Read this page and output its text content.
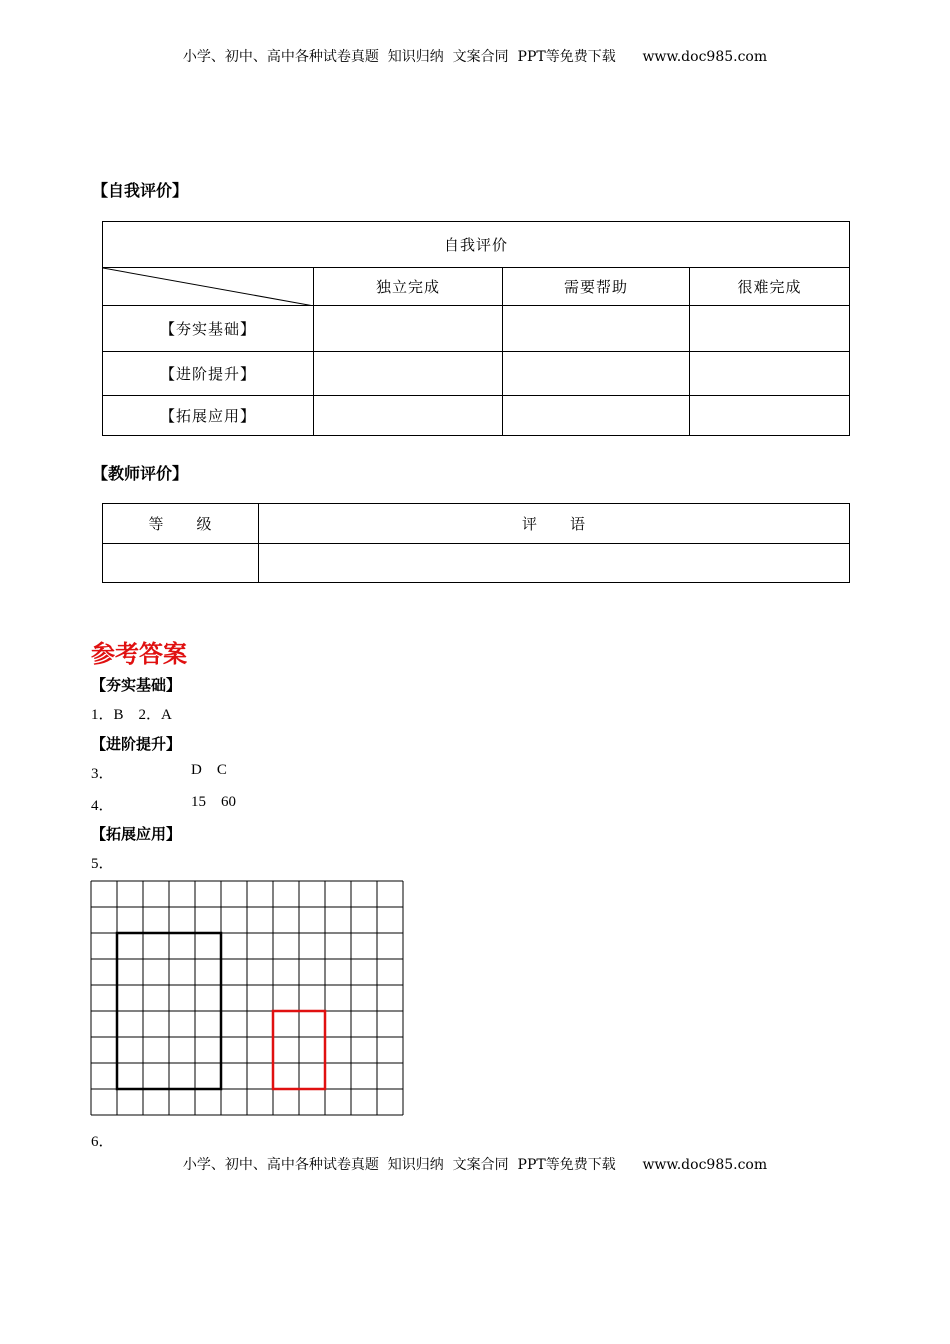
小学、初中、高中各种试卷真题  知识归纳  文案合同  PPT等免费下载      www.doc985.com
【自我评价】
自我评价			

	独立完成	需要帮助	很难完成
【夯实基础】			
【进阶提升】			
【拓展应用】			
【教师评价】
等　　级	评　　语

参考答案
【夯实基础】
1．B    2．A
【进阶提升】
3．	D    C
4．	15    60
【拓展应用】
5．
6．
小学、初中、高中各种试卷真题  知识归纳  文案合同  PPT等免费下载      www.doc985.com
